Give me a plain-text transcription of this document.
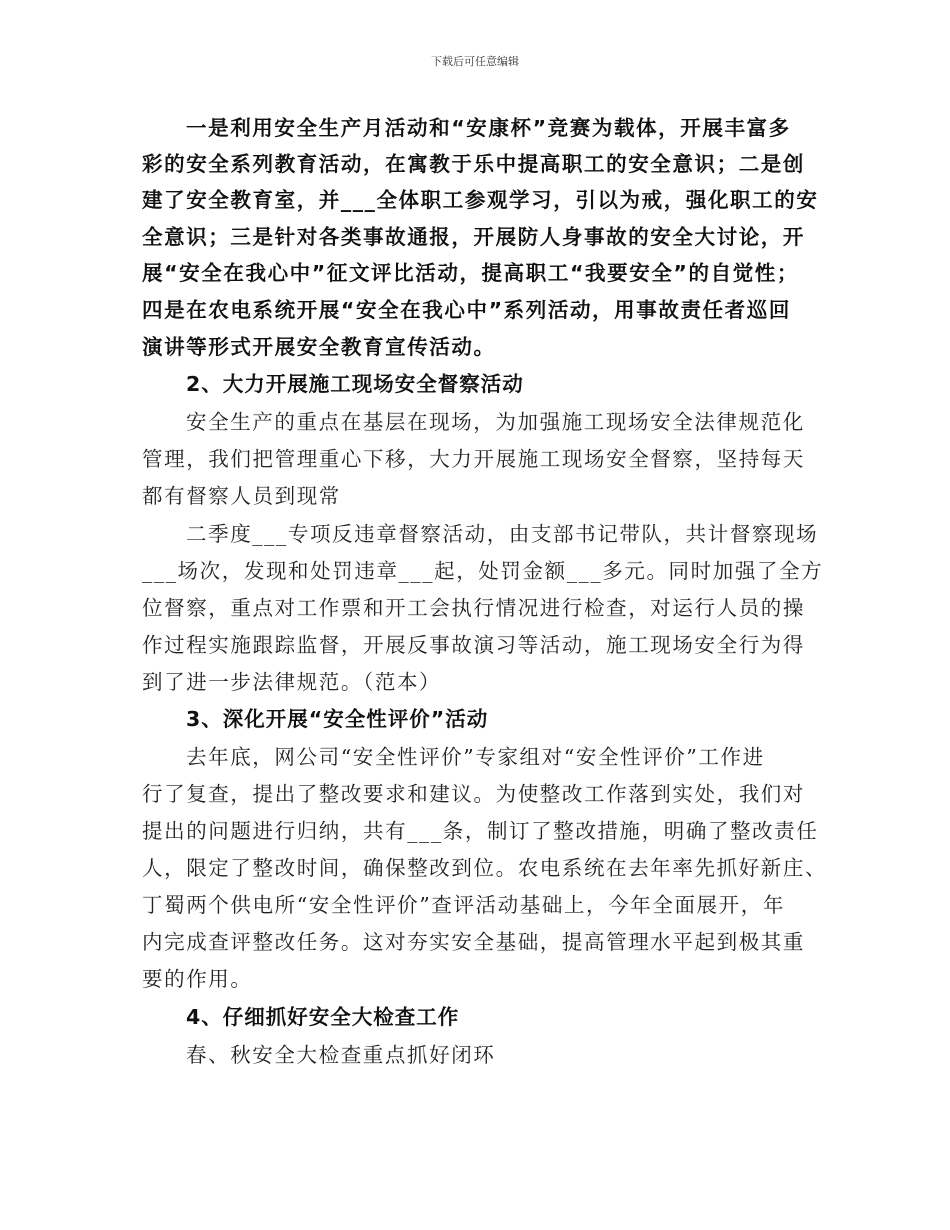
下载后可任意编辑
一是利用安全生产月活动和“安康杯”竞赛为载体，开展丰富多
彩的安全系列教育活动，在寓教于乐中提高职工的安全意识；二是创
建了安全教育室，并___全体职工参观学习，引以为戒，强化职工的安
全意识；三是针对各类事故通报，开展防人身事故的安全大讨论，开
展“安全在我心中”征文评比活动，提高职工“我要安全”的自觉性；
四是在农电系统开展“安全在我心中”系列活动，用事故责任者巡回
演讲等形式开展安全教育宣传活动。
2、大力开展施工现场安全督察活动
安全生产的重点在基层在现场，为加强施工现场安全法律规范化
管理，我们把管理重心下移，大力开展施工现场安全督察，坚持每天
都有督察人员到现常
二季度___专项反违章督察活动，由支部书记带队，共计督察现场
___场次，发现和处罚违章___起，处罚金额___多元。同时加强了全方
位督察，重点对工作票和开工会执行情况进行检查，对运行人员的操
作过程实施跟踪监督，开展反事故演习等活动，施工现场安全行为得
到了进一步法律规范。（范本）
3、深化开展“安全性评价”活动
去年底，网公司“安全性评价”专家组对“安全性评价”工作进
行了复查，提出了整改要求和建议。为使整改工作落到实处，我们对
提出的问题进行归纳，共有___条，制订了整改措施，明确了整改责任
人，限定了整改时间，确保整改到位。农电系统在去年率先抓好新庄、
丁蜀两个供电所“安全性评价”查评活动基础上，今年全面展开，年
内完成查评整改任务。这对夯实安全基础，提高管理水平起到极其重
要的作用。
4、仔细抓好安全大检查工作
春、秋安全大检查重点抓好闭环
